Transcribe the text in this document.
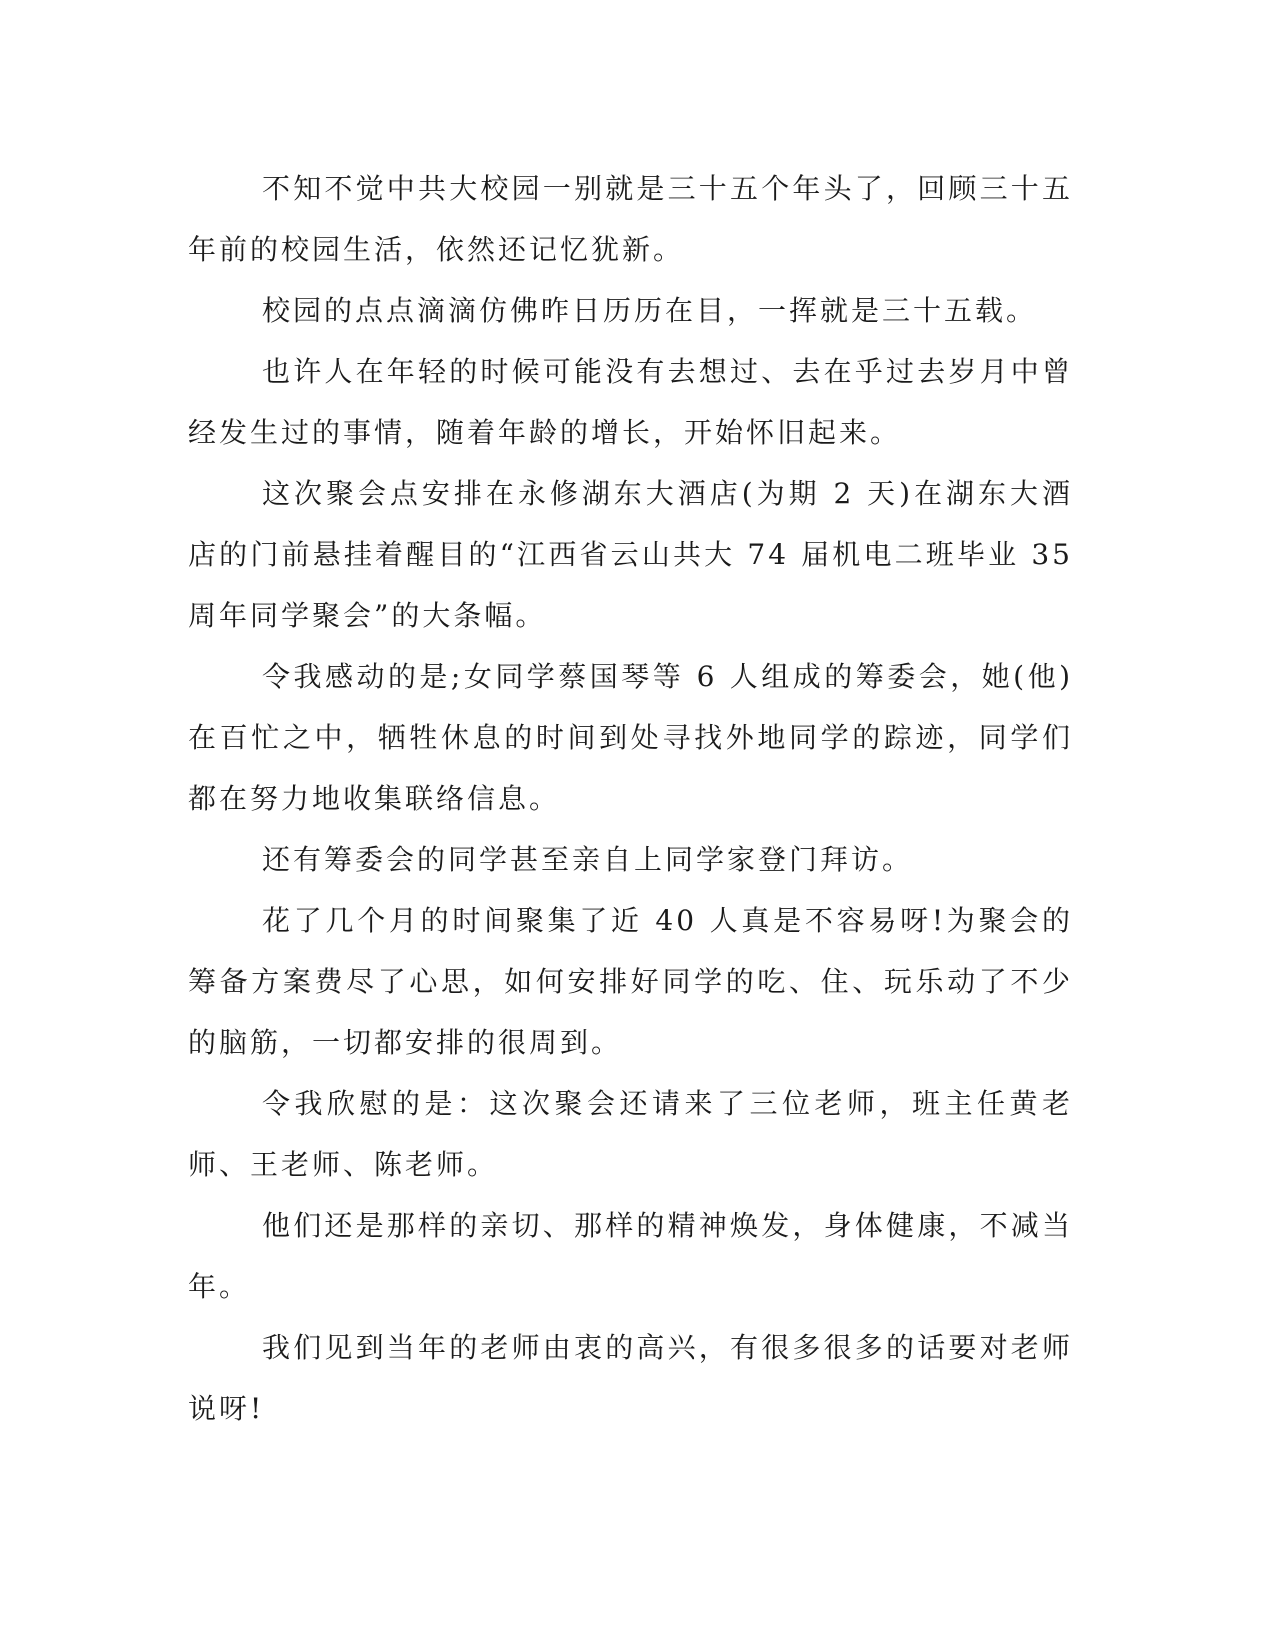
不知不觉中共大校园一别就是三十五个年头了，回顾三十五年前的校园生活，依然还记忆犹新。

校园的点点滴滴仿佛昨日历历在目，一挥就是三十五载。

也许人在年轻的时候可能没有去想过、去在乎过去岁月中曾经发生过的事情，随着年龄的增长，开始怀旧起来。

这次聚会点安排在永修湖东大酒店(为期 2 天)在湖东大酒店的门前悬挂着醒目的“江西省云山共大 74 届机电二班毕业 35 周年同学聚会”的大条幅。

令我感动的是;女同学蔡国琴等 6 人组成的筹委会，她(他)在百忙之中，牺牲休息的时间到处寻找外地同学的踪迹，同学们都在努力地收集联络信息。

还有筹委会的同学甚至亲自上同学家登门拜访。

花了几个月的时间聚集了近 40 人真是不容易呀!为聚会的筹备方案费尽了心思，如何安排好同学的吃、住、玩乐动了不少的脑筋，一切都安排的很周到。

令我欣慰的是：这次聚会还请来了三位老师，班主任黄老师、王老师、陈老师。

他们还是那样的亲切、那样的精神焕发，身体健康，不减当年。

我们见到当年的老师由衷的高兴，有很多很多的话要对老师说呀!
